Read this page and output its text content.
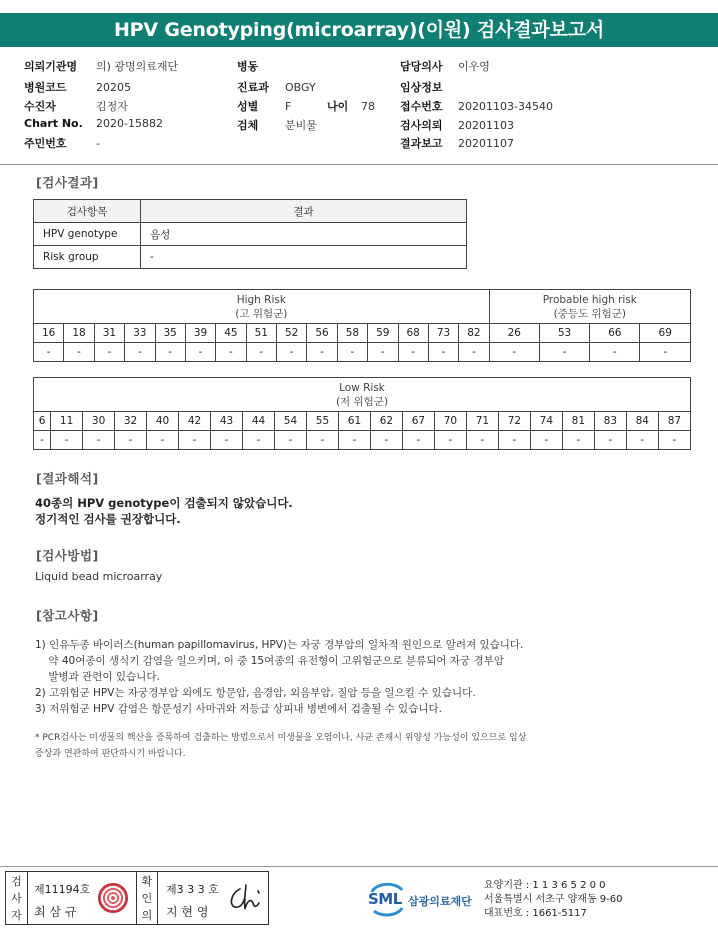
HPV Genotyping(microarray)(이원) 검사결과보고서
의뢰기관명 의) 광명의료재단
병원코드	20205
수진자	김정자
Chart No. 2020-15882
주민번호	-
병동
진료과 OBGY
성별 F	나이 78
검체 분비물
담당의사 이우영
임상정보
접수번호 20201103-34540
검사의뢰 20201103
결과보고 20201107
[검사결과]
검사항목	결과
HPV genotype	음성
Risk group	-
High Risk
(고 위험군)															Probable high risk
(중등도 위험군)			
16	18	31	33	35	39	45	51	52	56	58	59	68	73	82	26	53	66	69
-	-	-	-	-	-	-	-	-	-	-	-	-	-	-	-	-	-	-
Low Risk
(저 위험군)																				
6	11	30	32	40	42	43	44	54	55	61	62	67	70	71	72	74	81	83	84	87
-	-	-	-	-	-	-	-	-	-	-	-	-	-	-	-	-	-	-	-	-
[결과해석]
40종의 HPV genotype이 검출되지 않았습니다.
정기적인 검사를 권장합니다.
[검사방법]
Liquid bead microarray
[참고사항]
1) 인유두종 바이러스(human papillomavirus, HPV)는 자궁 경부암의 일차적 원인으로 알려져 있습니다.
약 40여종이 생식기 감염을 일으키며, 이 중 15여종의 유전형이 고위험군으로 분류되어 자궁 경부암
발병과 관련이 있습니다.
2) 고위험군 HPV는 자궁경부암 외에도 항문암, 음경암, 외음부암, 질암 등을 일으킬 수 있습니다.
3) 저위험군 HPV 감염은 항문성기 사마귀와 저등급 상피내 병변에서 검출될 수 있습니다.
* PCR검사는 미생물의 핵산을 증폭하여 검출하는 방법으로서 미생물을 오염이나, 사균 존재시 위양성 가능성이 있으므로 임상
증상과 연관하여 판단하시기 바랍니다.
검사자
제11194호
최 삼 규
확인의
제3 3 3 호
지 현 영
SML 삼광의료재단
요양기관 : 1 1 3 6 5 2 0 0
서울특별시 서초구 양재동 9-60
대표번호 : 1661-5117
